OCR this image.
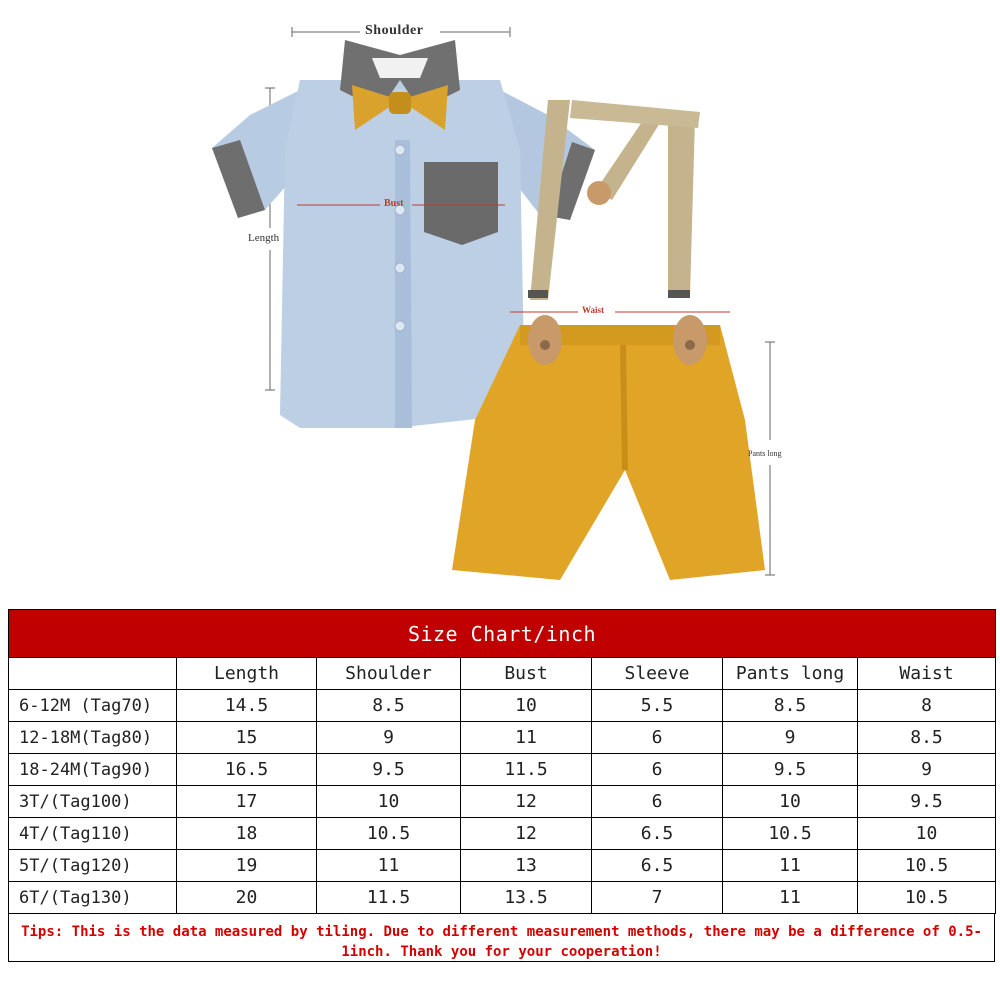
Shoulder
Length
Bust
Waist
Pants long
Size Chart/inch						
	Length	Shoulder	Bust	Sleeve	Pants long	Waist
6-12M (Tag70)	14.5	8.5	10	5.5	8.5	8
12-18M(Tag80)	15	9	11	6	9	8.5
18-24M(Tag90)	16.5	9.5	11.5	6	9.5	9
3T/(Tag100)	17	10	12	6	10	9.5
4T/(Tag110)	18	10.5	12	6.5	10.5	10
5T/(Tag120)	19	11	13	6.5	11	10.5
6T/(Tag130)	20	11.5	13.5	7	11	10.5
Tips: This is the data measured by tiling. Due to different measurement methods, there may be a difference of 0.5-1inch. Thank you for your cooperation!
